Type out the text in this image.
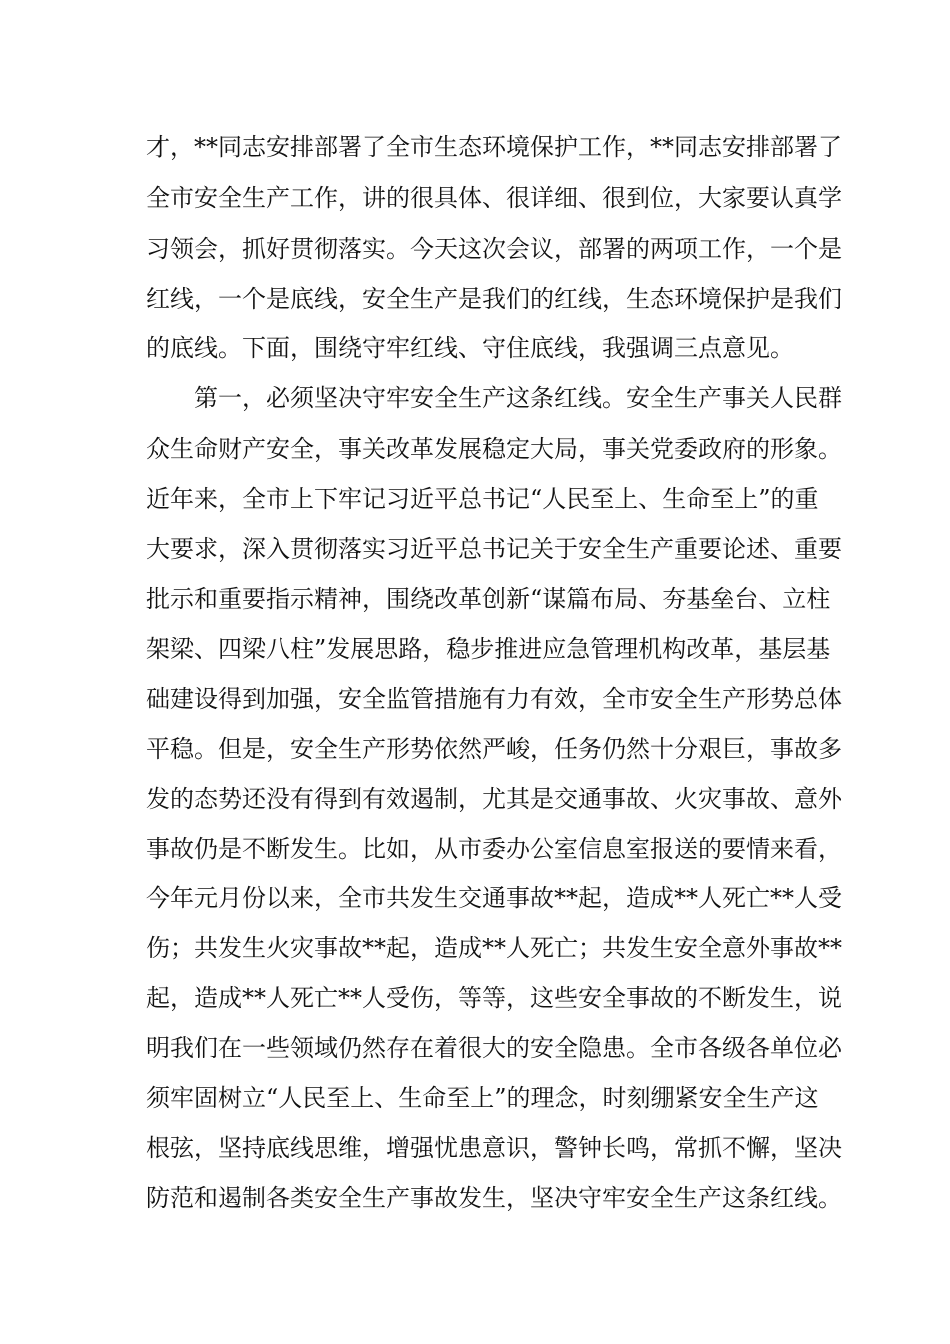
才，**同志安排部署了全市生态环境保护工作，**同志安排部署了
全市安全生产工作，讲的很具体、很详细、很到位，大家要认真学
习领会，抓好贯彻落实。今天这次会议，部署的两项工作，一个是
红线，一个是底线，安全生产是我们的红线，生态环境保护是我们
的底线。下面，围绕守牢红线、守住底线，我强调三点意见。
第一，必须坚决守牢安全生产这条红线。安全生产事关人民群
众生命财产安全，事关改革发展稳定大局，事关党委政府的形象。
近年来，全市上下牢记习近平总书记“人民至上、生命至上”的重
大要求，深入贯彻落实习近平总书记关于安全生产重要论述、重要
批示和重要指示精神，围绕改革创新“谋篇布局、夯基垒台、立柱
架梁、四梁八柱”发展思路，稳步推进应急管理机构改革，基层基
础建设得到加强，安全监管措施有力有效，全市安全生产形势总体
平稳。但是，安全生产形势依然严峻，任务仍然十分艰巨，事故多
发的态势还没有得到有效遏制，尤其是交通事故、火灾事故、意外
事故仍是不断发生。比如，从市委办公室信息室报送的要情来看，
今年元月份以来，全市共发生交通事故**起，造成**人死亡**人受
伤；共发生火灾事故**起，造成**人死亡；共发生安全意外事故**
起，造成**人死亡**人受伤，等等，这些安全事故的不断发生，说
明我们在一些领域仍然存在着很大的安全隐患。全市各级各单位必
须牢固树立“人民至上、生命至上”的理念，时刻绷紧安全生产这
根弦，坚持底线思维，增强忧患意识，警钟长鸣，常抓不懈，坚决
防范和遏制各类安全生产事故发生，坚决守牢安全生产这条红线。
